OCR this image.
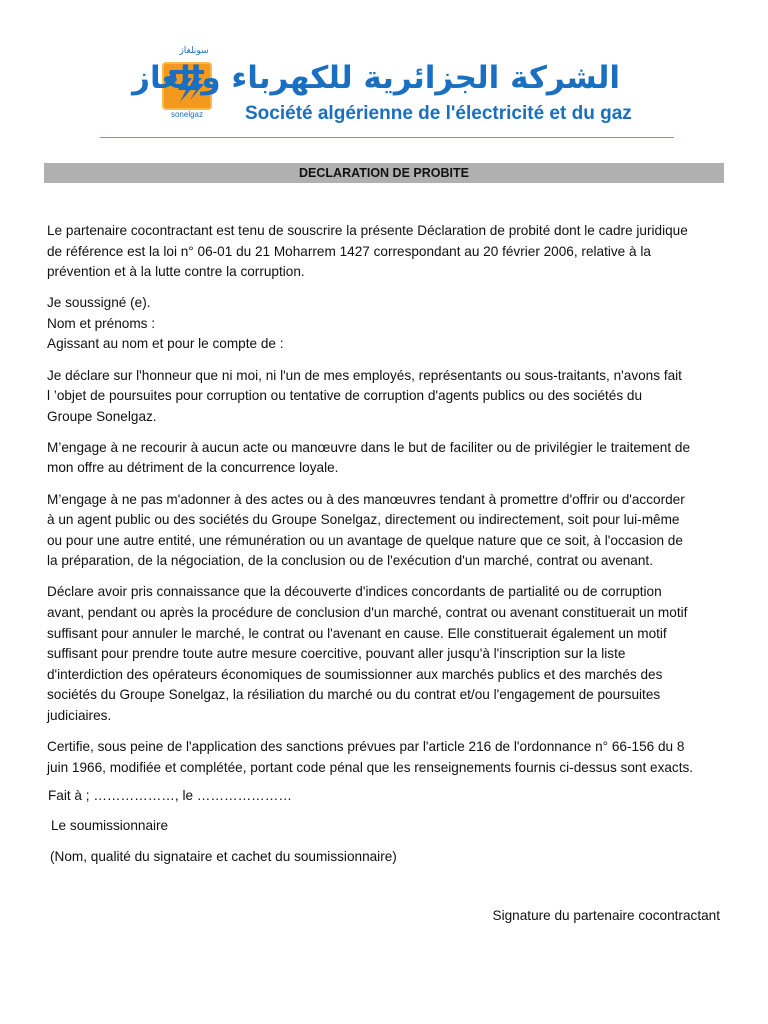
سونلغاز
sonelgaz
الشركة الجزائرية للكهرباء والغاز
Société algérienne de l'électricité et du gaz
DECLARATION DE PROBITE

Le partenaire cocontractant est tenu de souscrire la présente Déclaration de probité dont le cadre juridique
de référence est la loi n° 06-01 du 21 Moharrem 1427 correspondant au 20 février 2006, relative à la
prévention et à la lutte contre la corruption.

Je soussigné (e).
Nom et prénoms :
Agissant au nom et pour le compte de :

Je déclare sur l'honneur que ni moi, ni l'un de mes employés, représentants ou sous-traitants, n'avons fait
l ’objet de poursuites pour corruption ou tentative de corruption d'agents publics ou des sociétés du
Groupe Sonelgaz.

M’engage à ne recourir à aucun acte ou manœuvre dans le but de faciliter ou de privilégier le traitement de
mon offre au détriment de la concurrence loyale.

M’engage à ne pas m'adonner à des actes ou à des manœuvres tendant à promettre d'offrir ou d'accorder
à un agent public ou des sociétés du Groupe Sonelgaz, directement ou indirectement, soit pour lui-même
ou pour une autre entité, une rémunération ou un avantage de quelque nature que ce soit, à l'occasion de
la préparation, de la négociation, de la conclusion ou de l'exécution d'un marché, contrat ou avenant.

Déclare avoir pris connaissance que la découverte d'indices concordants de partialité ou de corruption
avant, pendant ou après la procédure de conclusion d'un marché, contrat ou avenant constituerait un motif
suffisant pour annuler le marché, le contrat ou l'avenant en cause. Elle constituerait également un motif
suffisant pour prendre toute autre mesure coercitive, pouvant aller jusqu'à l'inscription sur la liste
d'interdiction des opérateurs économiques de soumissionner aux marchés publics et des marchés des
sociétés du Groupe Sonelgaz, la résiliation du marché ou du contrat et/ou l'engagement de poursuites
judiciaires.

Certifie, sous peine de l'application des sanctions prévues par l'article 216 de l'ordonnance n° 66-156 du 8
juin 1966, modifiée et complétée, portant code pénal que les renseignements fournis ci-dessus sont exacts.

Fait à ; ………………, le …………………
Le soumissionnaire
(Nom, qualité du signataire et cachet du soumissionnaire)
Signature du partenaire cocontractant
